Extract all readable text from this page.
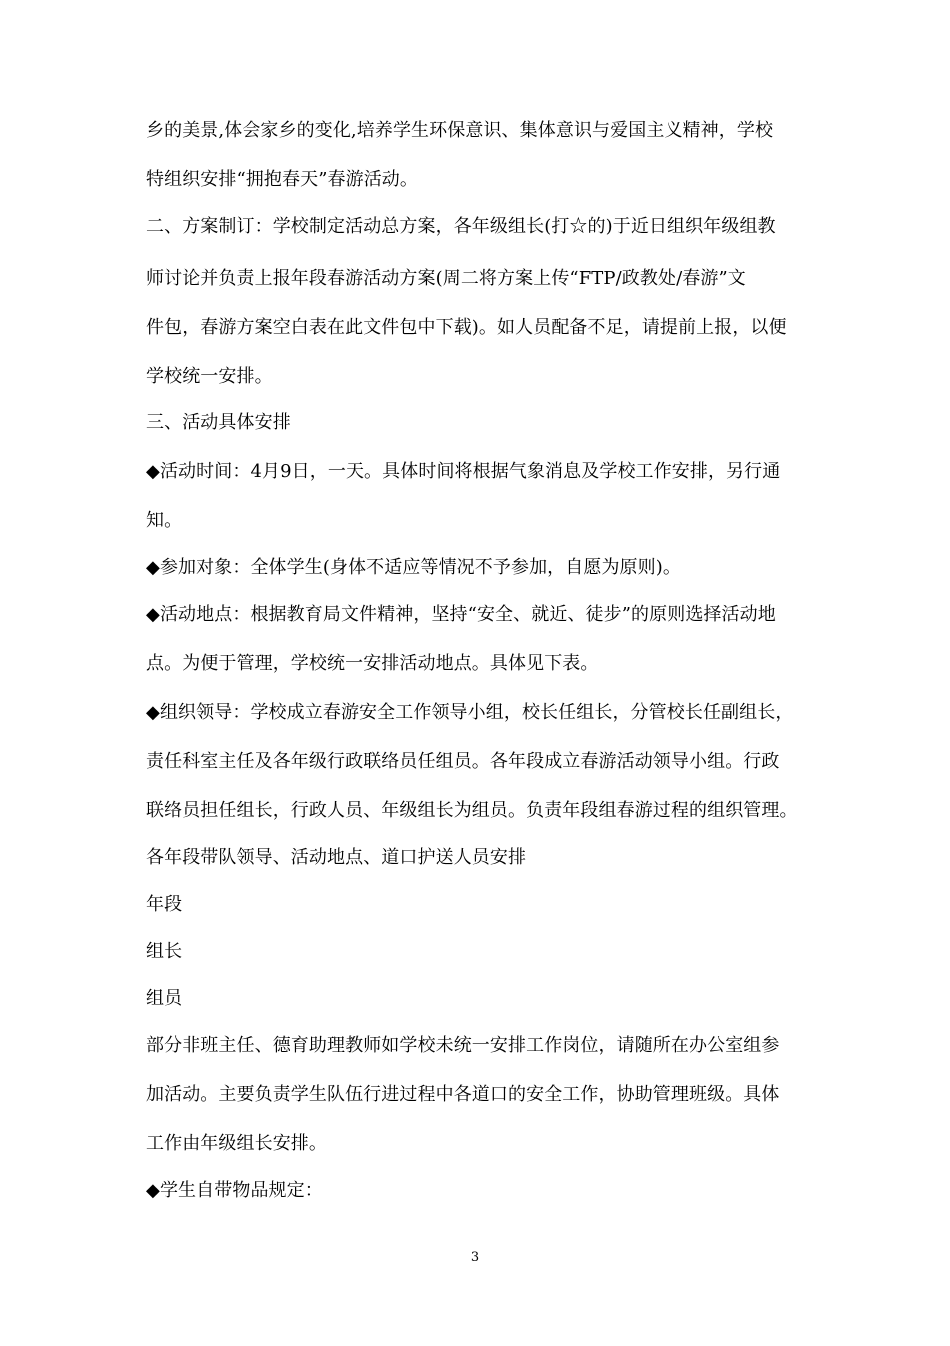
乡的美景,体会家乡的变化,培养学生环保意识、集体意识与爱国主义精神，学校
特组织安排“拥抱春天”春游活动。
二、方案制订：学校制定活动总方案，各年级组长(打☆的)于近日组织年级组教
师讨论并负责上报年段春游活动方案(周二将方案上传“FTP/政教处/春游”文
件包，春游方案空白表在此文件包中下载)。如人员配备不足，请提前上报，以便
学校统一安排。
三、活动具体安排
◆活动时间：4月9日，一天。具体时间将根据气象消息及学校工作安排，另行通
知。
◆参加对象：全体学生(身体不适应等情况不予参加，自愿为原则)。
◆活动地点：根据教育局文件精神，坚持“安全、就近、徒步”的原则选择活动地
点。为便于管理，学校统一安排活动地点。具体见下表。
◆组织领导：学校成立春游安全工作领导小组，校长任组长，分管校长任副组长，
责任科室主任及各年级行政联络员任组员。各年段成立春游活动领导小组。行政
联络员担任组长，行政人员、年级组长为组员。负责年段组春游过程的组织管理。
各年段带队领导、活动地点、道口护送人员安排
年段
组长
组员
部分非班主任、德育助理教师如学校未统一安排工作岗位，请随所在办公室组参
加活动。主要负责学生队伍行进过程中各道口的安全工作，协助管理班级。具体
工作由年级组长安排。
◆学生自带物品规定：
3
